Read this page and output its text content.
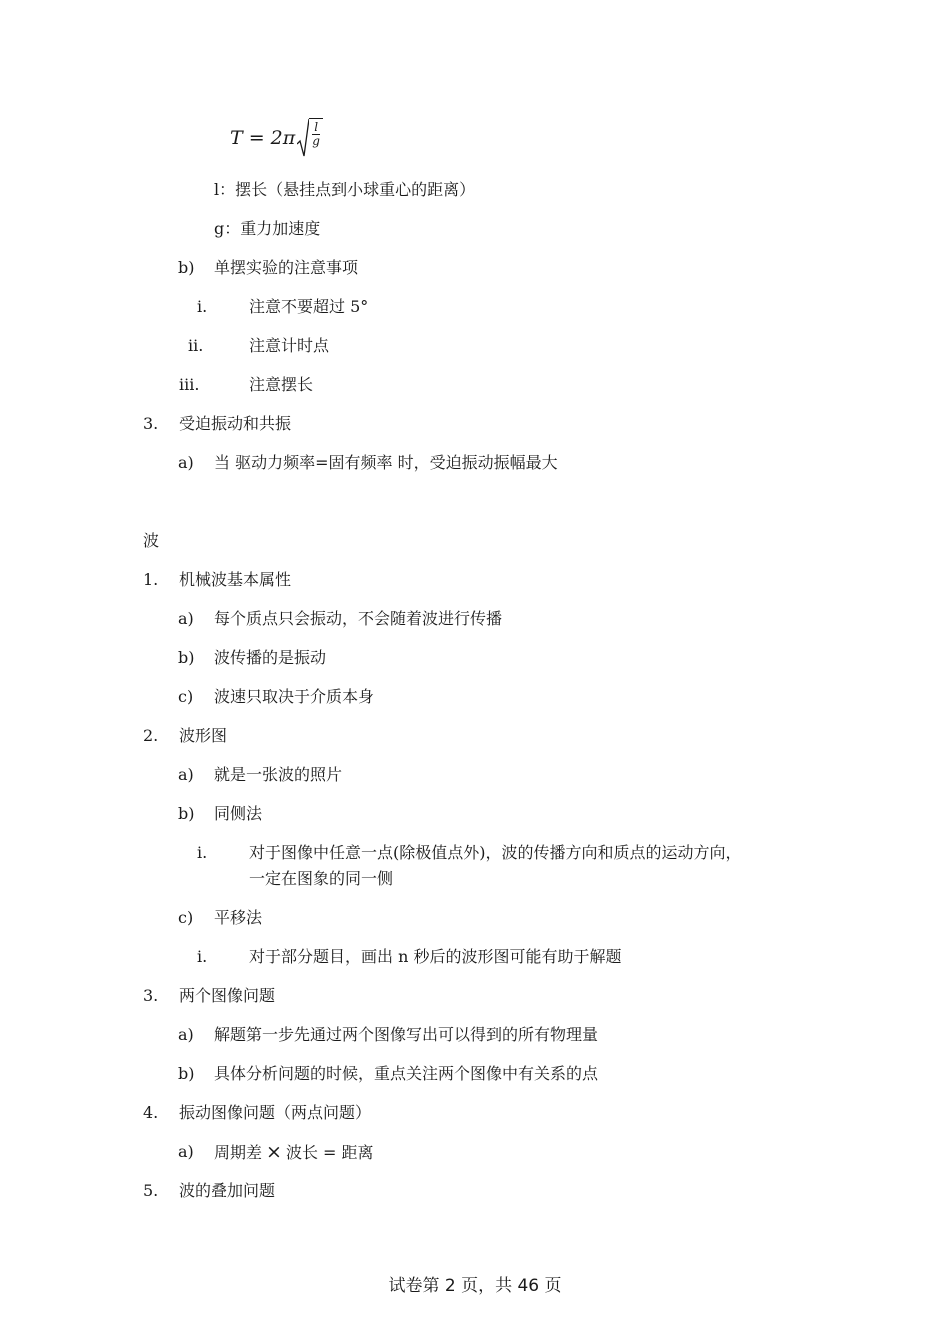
$T = 2\pi \frac{l}{g}$
l：摆长（悬挂点到小球重心的距离）
g：重力加速度
b) 单摆实验的注意事项
i.	注意不要超过 5°
ii.	注意计时点
iii.	注意摆长
3. 受迫振动和共振
a) 当 驱动力频率=固有频率 时，受迫振动振幅最大
波
1. 机械波基本属性
a) 每个质点只会振动，不会随着波进行传播
b) 波传播的是振动
c) 波速只取决于介质本身
2. 波形图
a) 就是一张波的照片
b) 同侧法
i.	对于图像中任意一点(除极值点外)，波的传播方向和质点的运动方向，
一定在图象的同一侧
c) 平移法
i.	对于部分题目，画出 n 秒后的波形图可能有助于解题
3. 两个图像问题
a) 解题第一步先通过两个图像写出可以得到的所有物理量
b) 具体分析问题的时候，重点关注两个图像中有关系的点
4. 振动图像问题（两点问题）
5. 波的叠加问题
a) 周期差 × 波长 = 距离
试卷第 2 页，共 46 页
